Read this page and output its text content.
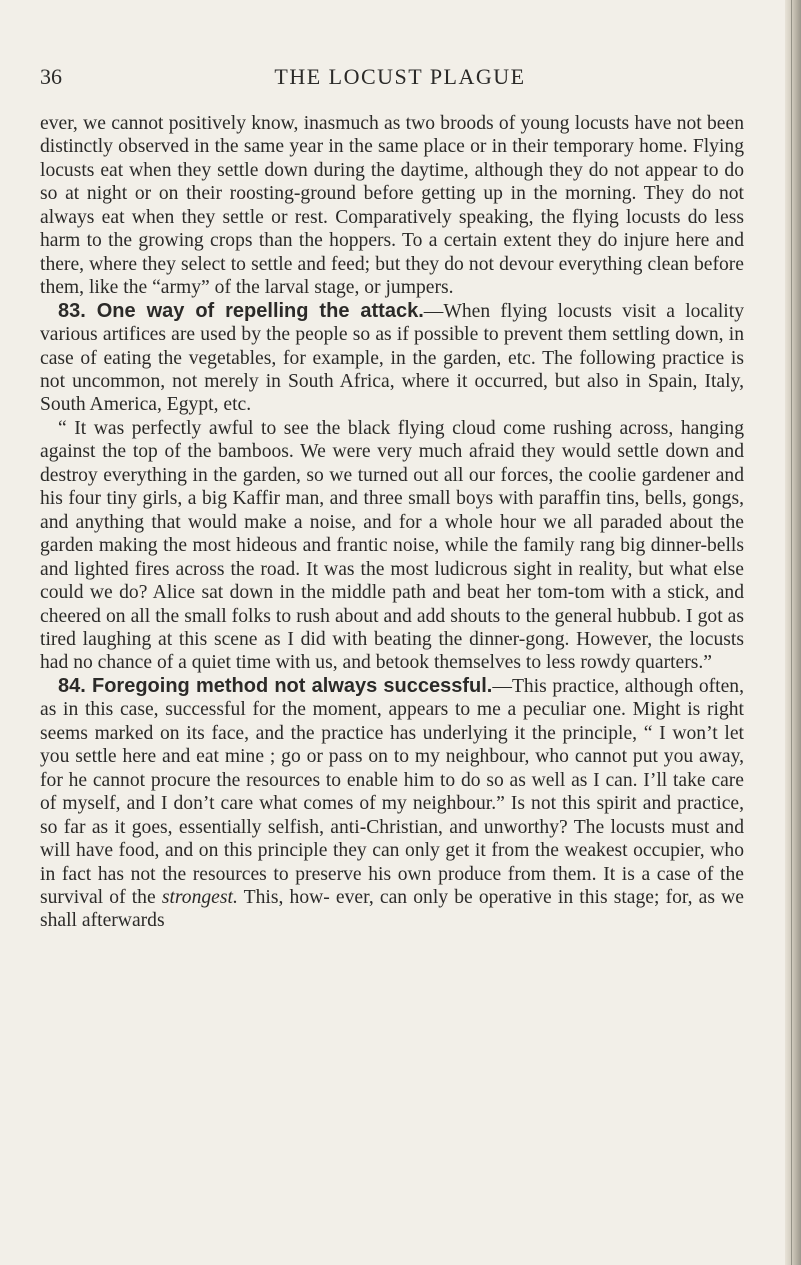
36	THE LOCUST PLAGUE

ever, we cannot positively know, inasmuch as two broods of young locusts have not been distinctly observed in the same year in the same place or in their temporary home. Flying locusts eat when they settle down during the daytime, although they do not appear to do so at night or on their roosting-ground before getting up in the morning. They do not always eat when they settle or rest. Comparatively speaking, the flying locusts do less harm to the growing crops than the hoppers. To a certain extent they do injure here and there, where they select to settle and feed; but they do not devour everything clean before them, like the “army” of the larval stage, or jumpers.

83. One way of repelling the attack.—When flying locusts visit a locality various artifices are used by the people so as if possible to prevent them settling down, in case of eating the vegetables, for example, in the garden, etc. The following practice is not uncommon, not merely in South Africa, where it occurred, but also in Spain, Italy, South America, Egypt, etc.

“ It was perfectly awful to see the black flying cloud come rushing across, hanging against the top of the bamboos. We were very much afraid they would settle down and destroy everything in the garden, so we turned out all our forces, the coolie gardener and his four tiny girls, a big Kaffir man, and three small boys with paraffin tins, bells, gongs, and anything that would make a noise, and for a whole hour we all paraded about the garden making the most hideous and frantic noise, while the family rang big dinner-bells and lighted fires across the road. It was the most ludicrous sight in reality, but what else could we do? Alice sat down in the middle path and beat her tom-tom with a stick, and cheered on all the small folks to rush about and add shouts to the general hubbub. I got as tired laughing at this scene as I did with beating the dinner-gong. However, the locusts had no chance of a quiet time with us, and betook themselves to less rowdy quarters.”

84. Foregoing method not always successful.—This practice, although often, as in this case, successful for the moment, appears to me a peculiar one. Might is right seems marked on its face, and the practice has underlying it the principle, “ I won’t let you settle here and eat mine ; go or pass on to my neighbour, who cannot put you away, for he cannot procure the resources to enable him to do so as well as I can. I’ll take care of myself, and I don’t care what comes of my neighbour.” Is not this spirit and practice, so far as it goes, essentially selfish, anti-Christian, and unworthy? The locusts must and will have food, and on this principle they can only get it from the weakest occupier, who in fact has not the resources to preserve his own produce from them. It is a case of the survival of the strongest. This, how- ever, can only be operative in this stage; for, as we shall afterwards
